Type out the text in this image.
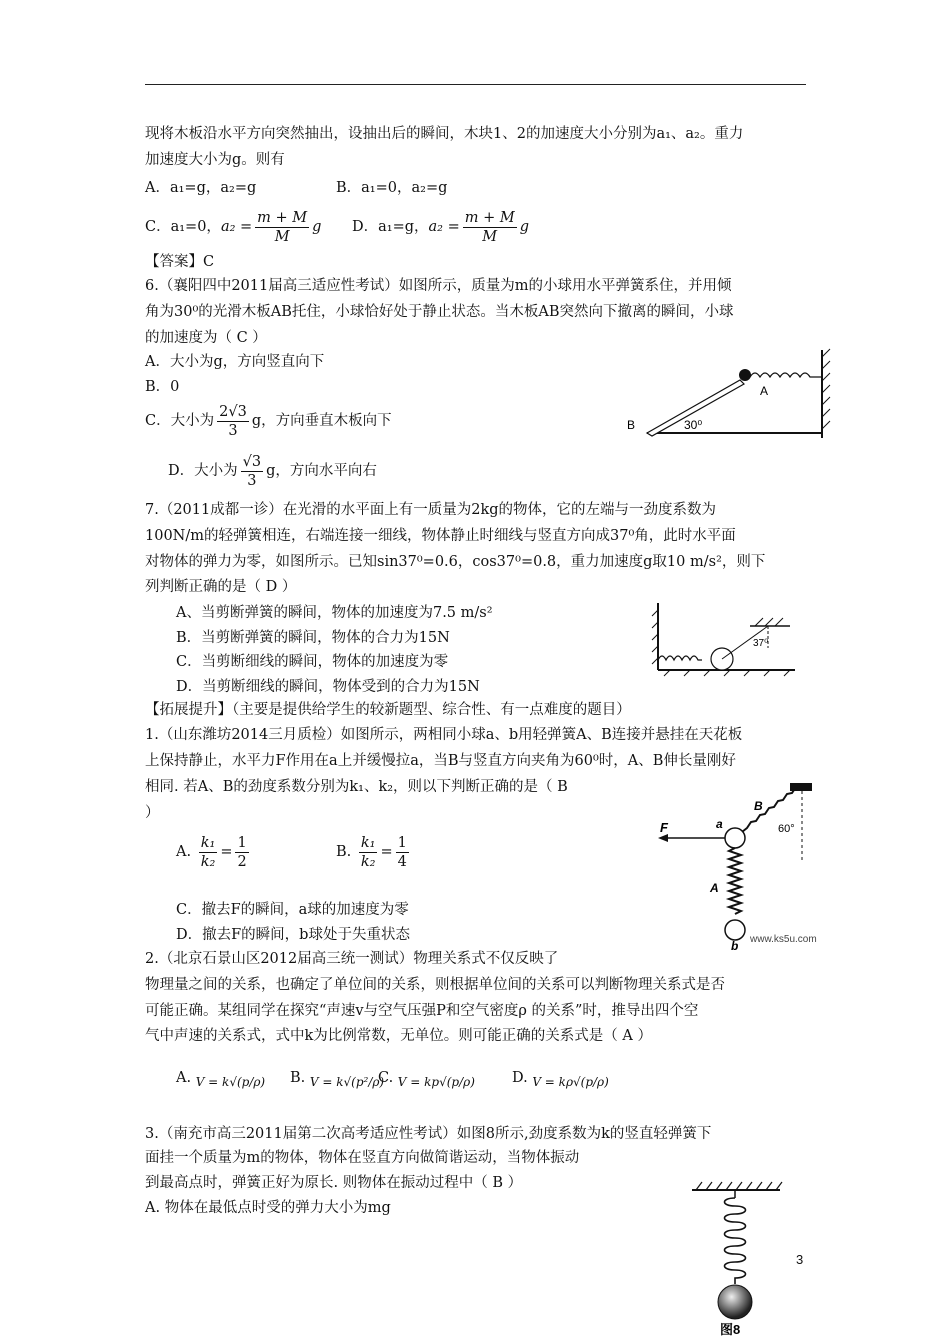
现将木板沿水平方向突然抽出，设抽出后的瞬间，木块1、2的加速度大小分别为a₁、a₂。重力
加速度大小为g。则有
A．a₁=g，a₂=g	B．a₁=0，a₂=g
C．a₁=0，$a_2 = \frac{m + M}{M}$ g D．a₁=g，$a_2 = \frac{m + M}{M}$ g
【答案】C
6.（襄阳四中2011届高三适应性考试）如图所示，质量为m的小球用水平弹簧系住，并用倾
角为30⁰的光滑木板AB托住，小球恰好处于静止状态。当木板AB突然向下撤离的瞬间，小球
的加速度为（ C ）
A．大小为g，方向竖直向下
B．0
C．大小为 $\frac{2√3}{3}$ g，方向垂直木板向下
D．大小为 $\frac{√3}{3}$ g，方向水平向右
A
B	30⁰
7.（2011成都一诊）在光滑的水平面上有一质量为2kg的物体，它的左端与一劲度系数为
100N/m的轻弹簧相连，右端连接一细线，物体静止时细线与竖直方向成37⁰角，此时水平面
对物体的弹力为零，如图所示。已知sin37⁰=0.6，cos37⁰=0.8，重力加速度g取10 m/s²，则下
列判断正确的是（ D ）
A、当剪断弹簧的瞬间，物体的加速度为7.5 m/s²
B．当剪断弹簧的瞬间，物体的合力为15N
C．当剪断细线的瞬间，物体的加速度为零
D．当剪断细线的瞬间，物体受到的合力为15N
37⁰
【拓展提升】（主要是提供给学生的较新题型、综合性、有一点难度的题目）
1.（山东潍坊2014三月质检）如图所示，两相同小球a、b用轻弹簧A、B连接并悬挂在天花板
上保持静止，水平力F作用在a上并缓慢拉a，当B与竖直方向夹角为60⁰时，A、B伸长量刚好
相同. 若A、B的劲度系数分别为k₁、k₂，则以下判断正确的是（ B
）
A. $\frac{\text{k₁}}{\text{k₂}} = \frac{1}{2}$	B. $\frac{\text{k₁}}{\text{k₂}} = \frac{1}{4}$
C．撤去F的瞬间，a球的加速度为零
D．撤去F的瞬间，b球处于失重状态
F	a
b
A
B
60°
www.ks5u.com
2.（北京石景山区2012届高三统一测试）物理关系式不仅反映了
物理量之间的关系，也确定了单位间的关系，则根据单位间的关系可以判断物理关系式是否
可能正确。某组同学在探究“声速v与空气压强P和空气密度ρ 的关系”时，推导出四个空
气中声速的关系式，式中k为比例常数，无单位。则可能正确的关系式是（ A ）
A. V = k√(p/ρ) B. V = k√(p²/ρ)
C. V = kp√(p/ρ)	D. V = kρ√(p/ρ)
3.（南充市高三2011届第二次高考适应性考试）如图8所示,劲度系数为k的竖直轻弹簧下
面挂一个质量为m的物体，物体在竖直方向做简谐运动，当物体振动
到最高点时，弹簧正好为原长. 则物体在振动过程中（ B ）
A. 物体在最低点时受的弹力大小为mg
图8
3
